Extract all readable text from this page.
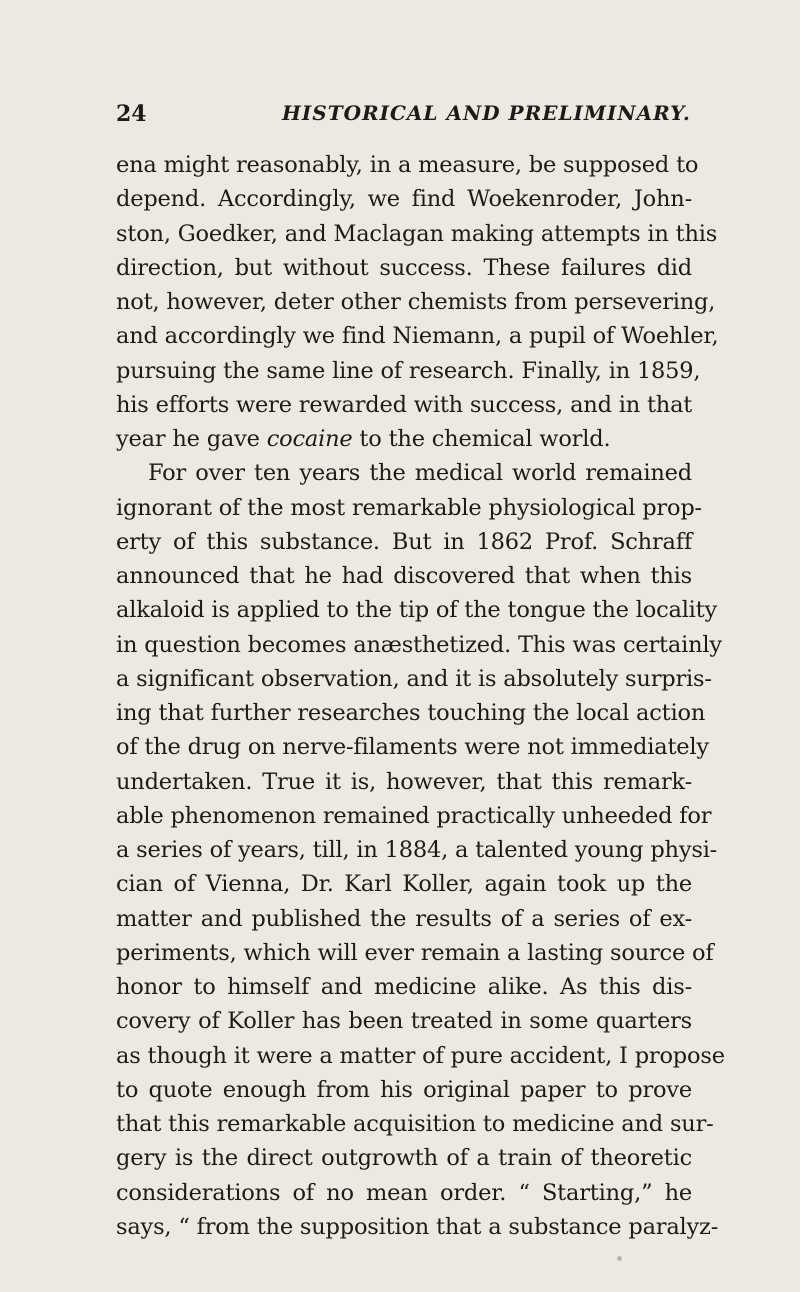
24	HISTORICAL AND PRELIMINARY.
ena might reasonably, in a measure, be supposed to
depend. Accordingly, we find Woekenroder, John-
ston, Goedker, and Maclagan making attempts in this
direction, but without success. These failures did
not, however, deter other chemists from persevering,
and accordingly we find Niemann, a pupil of Woehler,
pursuing the same line of research. Finally, in 1859,
his efforts were rewarded with success, and in that
year he gave cocaine to the chemical world.
For over ten years the medical world remained
ignorant of the most remarkable physiological prop-
erty of this substance. But in 1862 Prof. Schraff
announced that he had discovered that when this
alkaloid is applied to the tip of the tongue the locality
in question becomes anæsthetized. This was certainly
a significant observation, and it is absolutely surpris-
ing that further researches touching the local action
of the drug on nerve-filaments were not immediately
undertaken. True it is, however, that this remark-
able phenomenon remained practically unheeded for
a series of years, till, in 1884, a talented young physi-
cian of Vienna, Dr. Karl Koller, again took up the
matter and published the results of a series of ex-
periments, which will ever remain a lasting source of
honor to himself and medicine alike. As this dis-
covery of Koller has been treated in some quarters
as though it were a matter of pure accident, I propose
to quote enough from his original paper to prove
that this remarkable acquisition to medicine and sur-
gery is the direct outgrowth of a train of theoretic
considerations of no mean order. “ Starting,” he
says, “ from the supposition that a substance paralyz-
